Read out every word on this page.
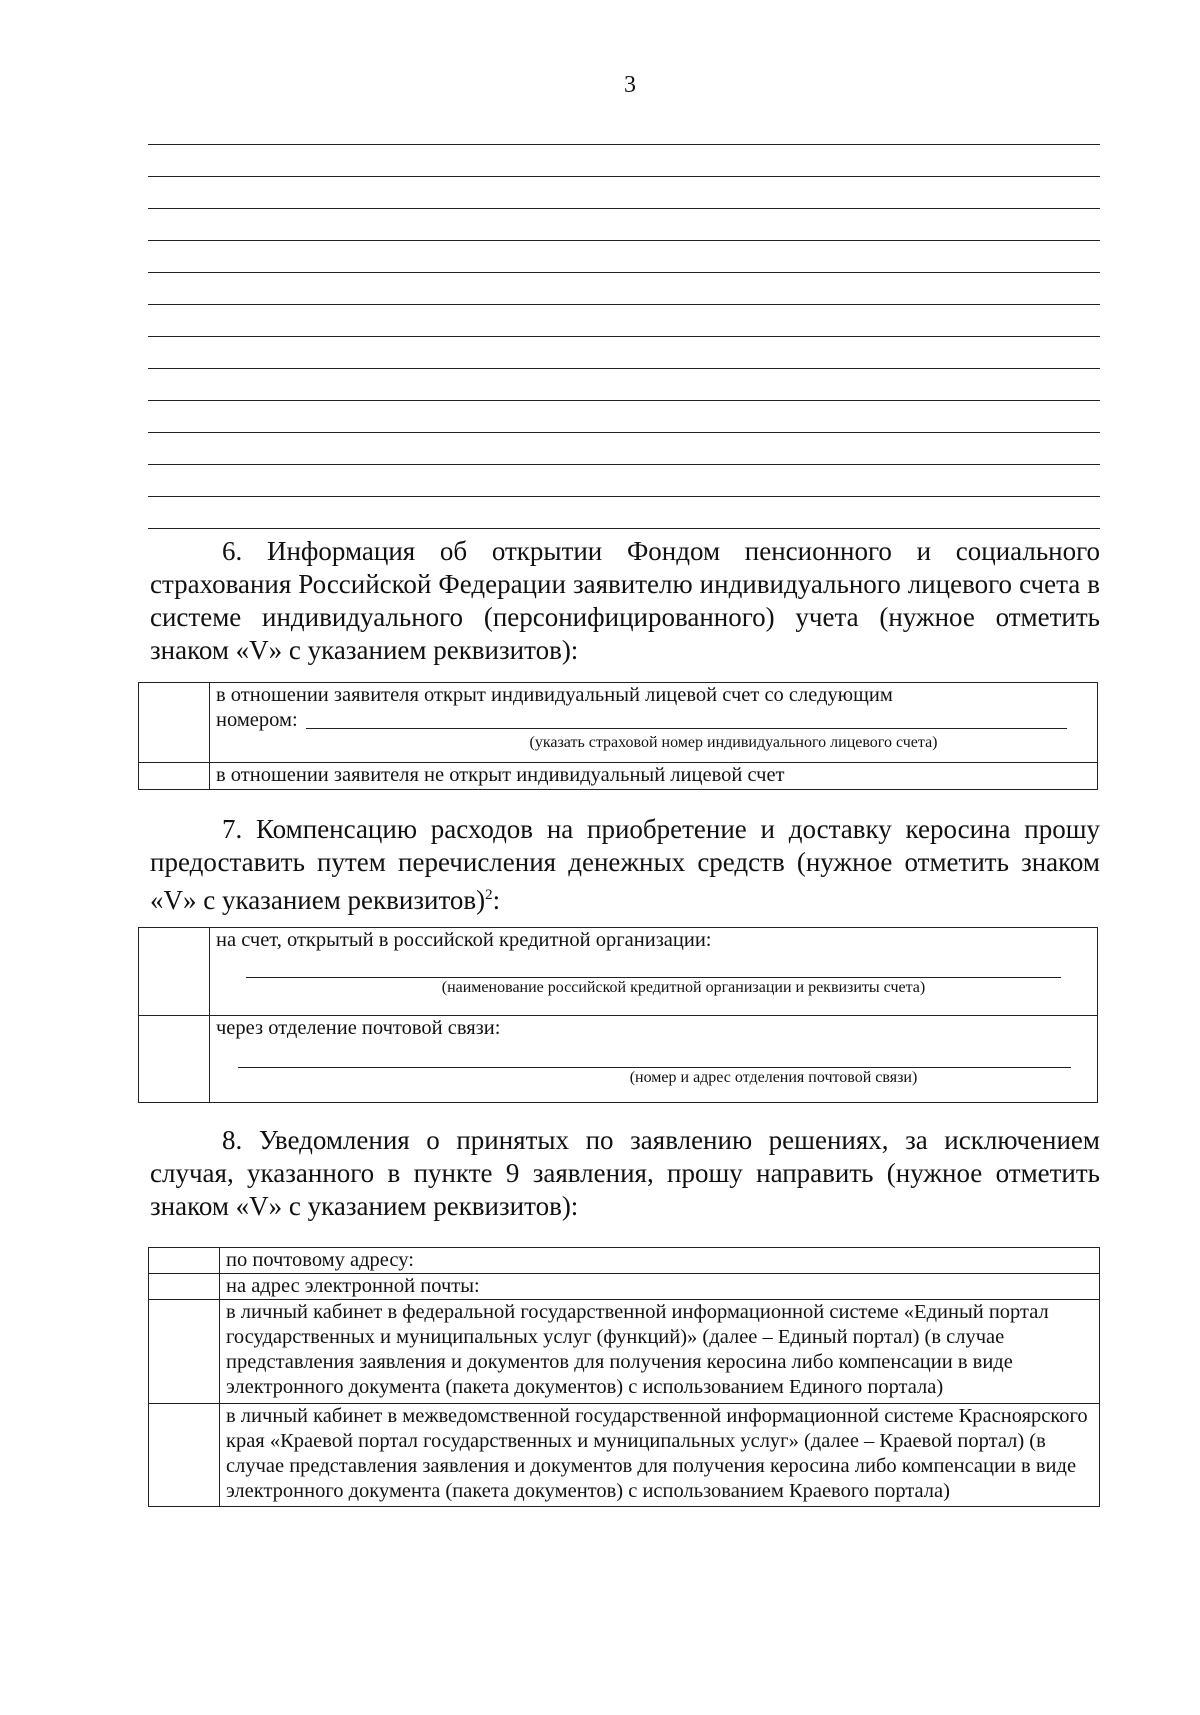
3
6. Информация об открытии Фондом пенсионного и социального страхования Российской Федерации заявителю индивидуального лицевого счета в системе индивидуального (персонифицированного) учета (нужное отметить знаком «V» с указанием реквизитов):

	в отношении заявителя открыт индивидуальный лицевой счет со следующим
номером:
(указать страховой номер индивидуального лицевого счета)

	в отношении заявителя не открыт индивидуальный лицевой счет
7. Компенсацию расходов на приобретение и доставку керосина прошу предоставить путем перечисления денежных средств (нужное отметить знаком «V» с указанием реквизитов)$^2$:

	на счет, открытый в российской кредитной организации:
(наименование российской кредитной организации и реквизиты счета)

	через отделение почтовой связи:
(номер и адрес отделения почтовой связи)
8. Уведомления о принятых по заявлению решениях, за исключением случая, указанного в пункте 9 заявления, прошу направить (нужное отметить знаком «V» с указанием реквизитов):
	по почтовому адресу:
	на адрес электронной почты:
	в личный кабинет в федеральной государственной информационной системе «Единый портал государственных и муниципальных услуг (функций)» (далее – Единый портал) (в случае представления заявления и документов для получения керосина либо компенсации в виде электронного документа (пакета документов) с использованием Единого портала)
	в личный кабинет в межведомственной государственной информационной системе Красноярского края «Краевой портал государственных и муниципальных услуг» (далее – Краевой портал) (в случае представления заявления и документов для получения керосина либо компенсации в виде электронного документа (пакета документов) с использованием Краевого портала)
